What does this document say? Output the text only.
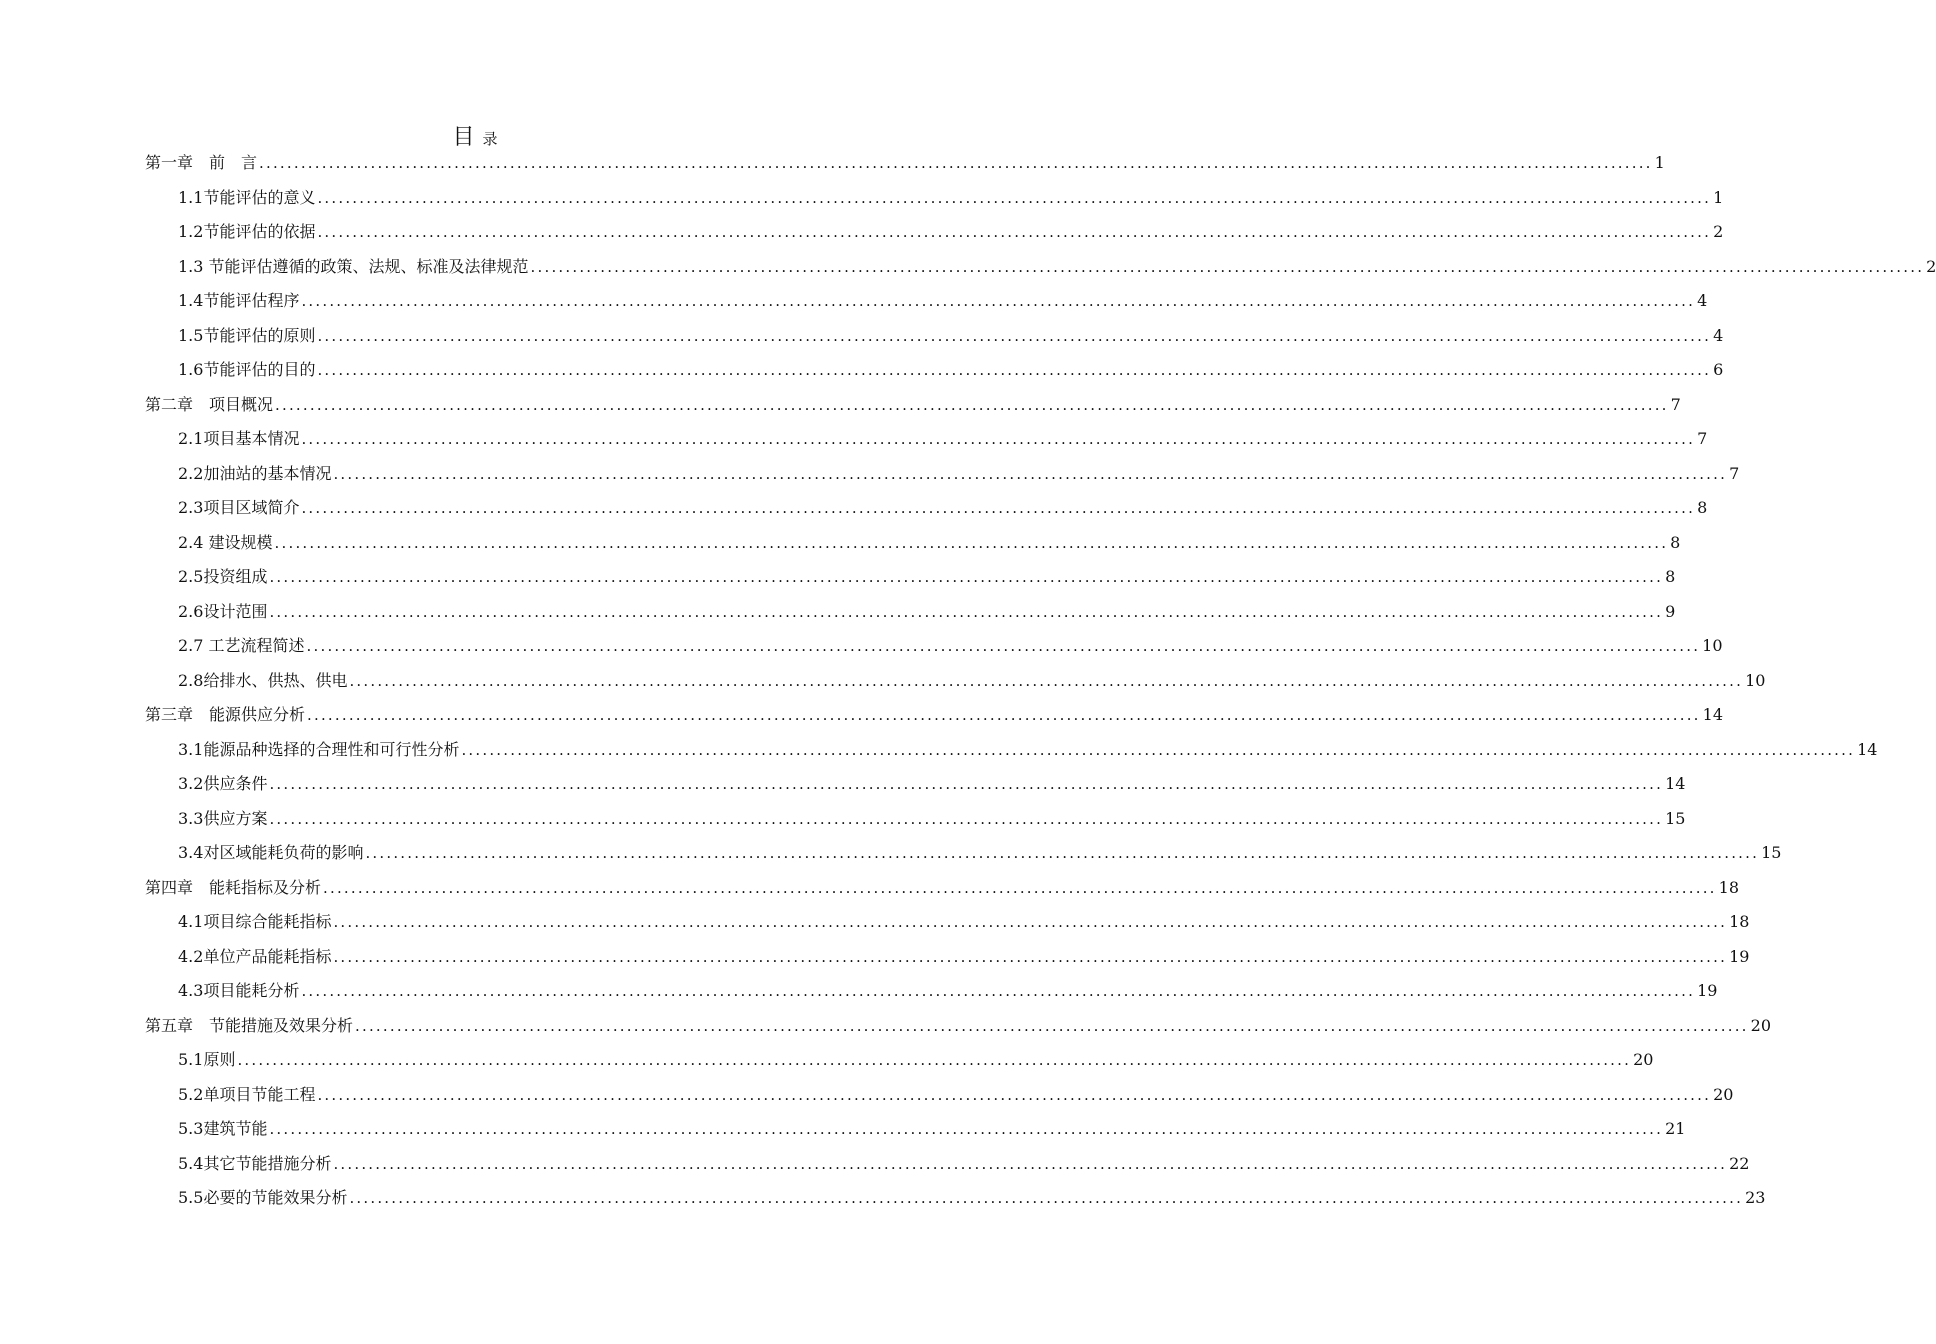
目 录
第一章　前　言 ........................................................................................................................................................................................................ 1
1.1节能评估的意义 ........................................................................................................................................................................................................ 1
1.2节能评估的依据 ........................................................................................................................................................................................................ 2
1.3 节能评估遵循的政策、法规、标准及法律规范 ........................................................................................................................................................................................................ 2
1.4节能评估程序 ........................................................................................................................................................................................................ 4
1.5节能评估的原则 ........................................................................................................................................................................................................ 4
1.6节能评估的目的 ........................................................................................................................................................................................................ 6
第二章　项目概况 ........................................................................................................................................................................................................ 7
2.1项目基本情况 ........................................................................................................................................................................................................ 7
2.2加油站的基本情况 ........................................................................................................................................................................................................ 7
2.3项目区域简介 ........................................................................................................................................................................................................ 8
2.4 建设规模 ........................................................................................................................................................................................................ 8
2.5投资组成 ........................................................................................................................................................................................................ 8
2.6设计范围 ........................................................................................................................................................................................................ 9
2.7 工艺流程简述 ........................................................................................................................................................................................................ 10
2.8给排水、供热、供电 ........................................................................................................................................................................................................ 10
第三章　能源供应分析 ........................................................................................................................................................................................................ 14
3.1能源品种选择的合理性和可行性分析 ........................................................................................................................................................................................................ 14
3.2供应条件 ........................................................................................................................................................................................................ 14
3.3供应方案 ........................................................................................................................................................................................................ 15
3.4对区域能耗负荷的影响 ........................................................................................................................................................................................................ 15
第四章　能耗指标及分析 ........................................................................................................................................................................................................ 18
4.1项目综合能耗指标 ........................................................................................................................................................................................................ 18
4.2单位产品能耗指标 ........................................................................................................................................................................................................ 19
4.3项目能耗分析 ........................................................................................................................................................................................................ 19
第五章　节能措施及效果分析 ........................................................................................................................................................................................................ 20
5.1原则 ........................................................................................................................................................................................................ 20
5.2单项目节能工程 ........................................................................................................................................................................................................ 20
5.3建筑节能 ........................................................................................................................................................................................................ 21
5.4其它节能措施分析 ........................................................................................................................................................................................................ 22
5.5必要的节能效果分析 ........................................................................................................................................................................................................ 23
